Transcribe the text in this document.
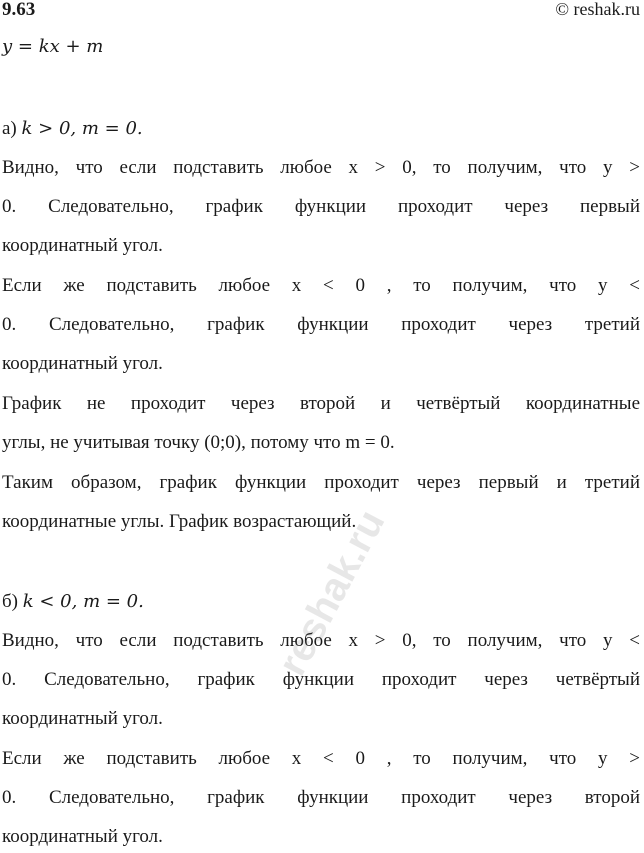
9.63	© reshak.ru
y = kx + m
а) k > 0, m = 0.
Видно, что если подставить любое x > 0, то получим, что y >
0. Следовательно, график функции проходит через первый
координатный угол.
Если же подставить любое x < 0 , то получим, что y <
0. Следовательно, график функции проходит через третий
координатный угол.
График не проходит через второй и четвёртый координатные
углы, не учитывая точку (0;0), потому что m = 0.
Таким образом, график функции проходит через первый и третий
координатные углы. График возрастающий.
б) k < 0, m = 0.
Видно, что если подставить любое x > 0, то получим, что y <
0. Следовательно, график функции проходит через четвёртый
координатный угол.
Если же подставить любое x < 0 , то получим, что y >
0. Следовательно, график функции проходит через второй
координатный угол.
reshak.ru
